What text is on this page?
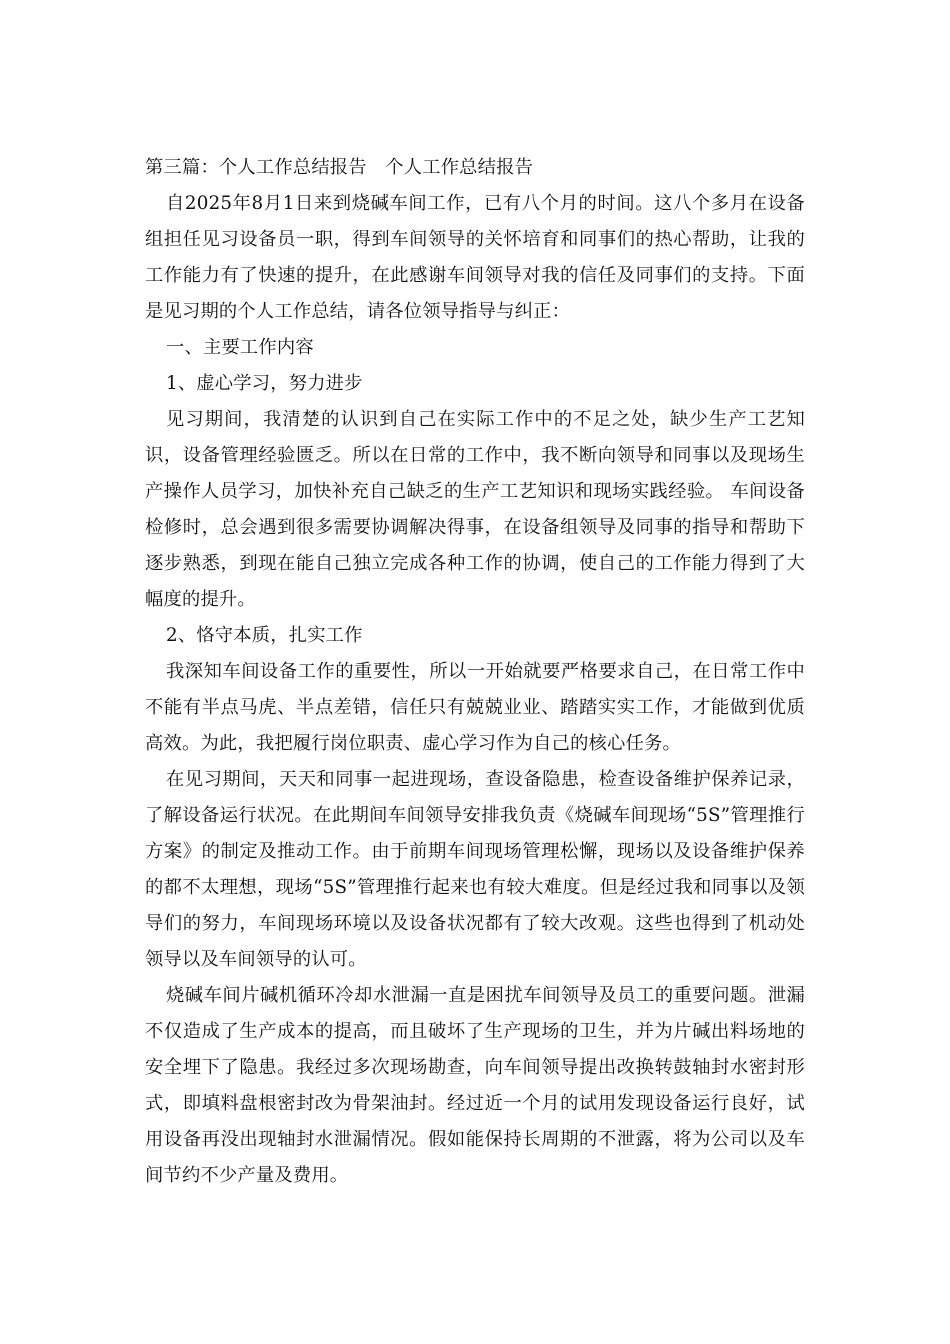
第三篇：个人工作总结报告　个人工作总结报告

自2025年8月1日来到烧碱车间工作，已有八个月的时间。这八个多月在设备组担任见习设备员一职，得到车间领导的关怀培育和同事们的热心帮助，让我的工作能力有了快速的提升，在此感谢车间领导对我的信任及同事们的支持。下面是见习期的个人工作总结，请各位领导指导与纠正：

一、主要工作内容

1、虚心学习，努力进步

见习期间，我清楚的认识到自己在实际工作中的不足之处，缺少生产工艺知识，设备管理经验匮乏。所以在日常的工作中，我不断向领导和同事以及现场生产操作人员学习，加快补充自己缺乏的生产工艺知识和现场实践经验。 车间设备检修时，总会遇到很多需要协调解决得事，在设备组领导及同事的指导和帮助下逐步熟悉，到现在能自己独立完成各种工作的协调，使自己的工作能力得到了大幅度的提升。

2、恪守本质，扎实工作

我深知车间设备工作的重要性，所以一开始就要严格要求自己，在日常工作中不能有半点马虎、半点差错，信任只有兢兢业业、踏踏实实工作，才能做到优质高效。为此，我把履行岗位职责、虚心学习作为自己的核心任务。

在见习期间，天天和同事一起进现场，查设备隐患，检查设备维护保养记录，了解设备运行状况。在此期间车间领导安排我负责《烧碱车间现场“5S”管理推行方案》的制定及推动工作。由于前期车间现场管理松懈，现场以及设备维护保养的都不太理想，现场“5S”管理推行起来也有较大难度。但是经过我和同事以及领导们的努力，车间现场环境以及设备状况都有了较大改观。这些也得到了机动处领导以及车间领导的认可。

烧碱车间片碱机循环冷却水泄漏一直是困扰车间领导及员工的重要问题。泄漏不仅造成了生产成本的提高，而且破坏了生产现场的卫生，并为片碱出料场地的安全埋下了隐患。我经过多次现场勘查，向车间领导提出改换转鼓轴封水密封形式，即填料盘根密封改为骨架油封。经过近一个月的试用发现设备运行良好，试用设备再没出现轴封水泄漏情况。假如能保持长周期的不泄露，将为公司以及车间节约不少产量及费用。
